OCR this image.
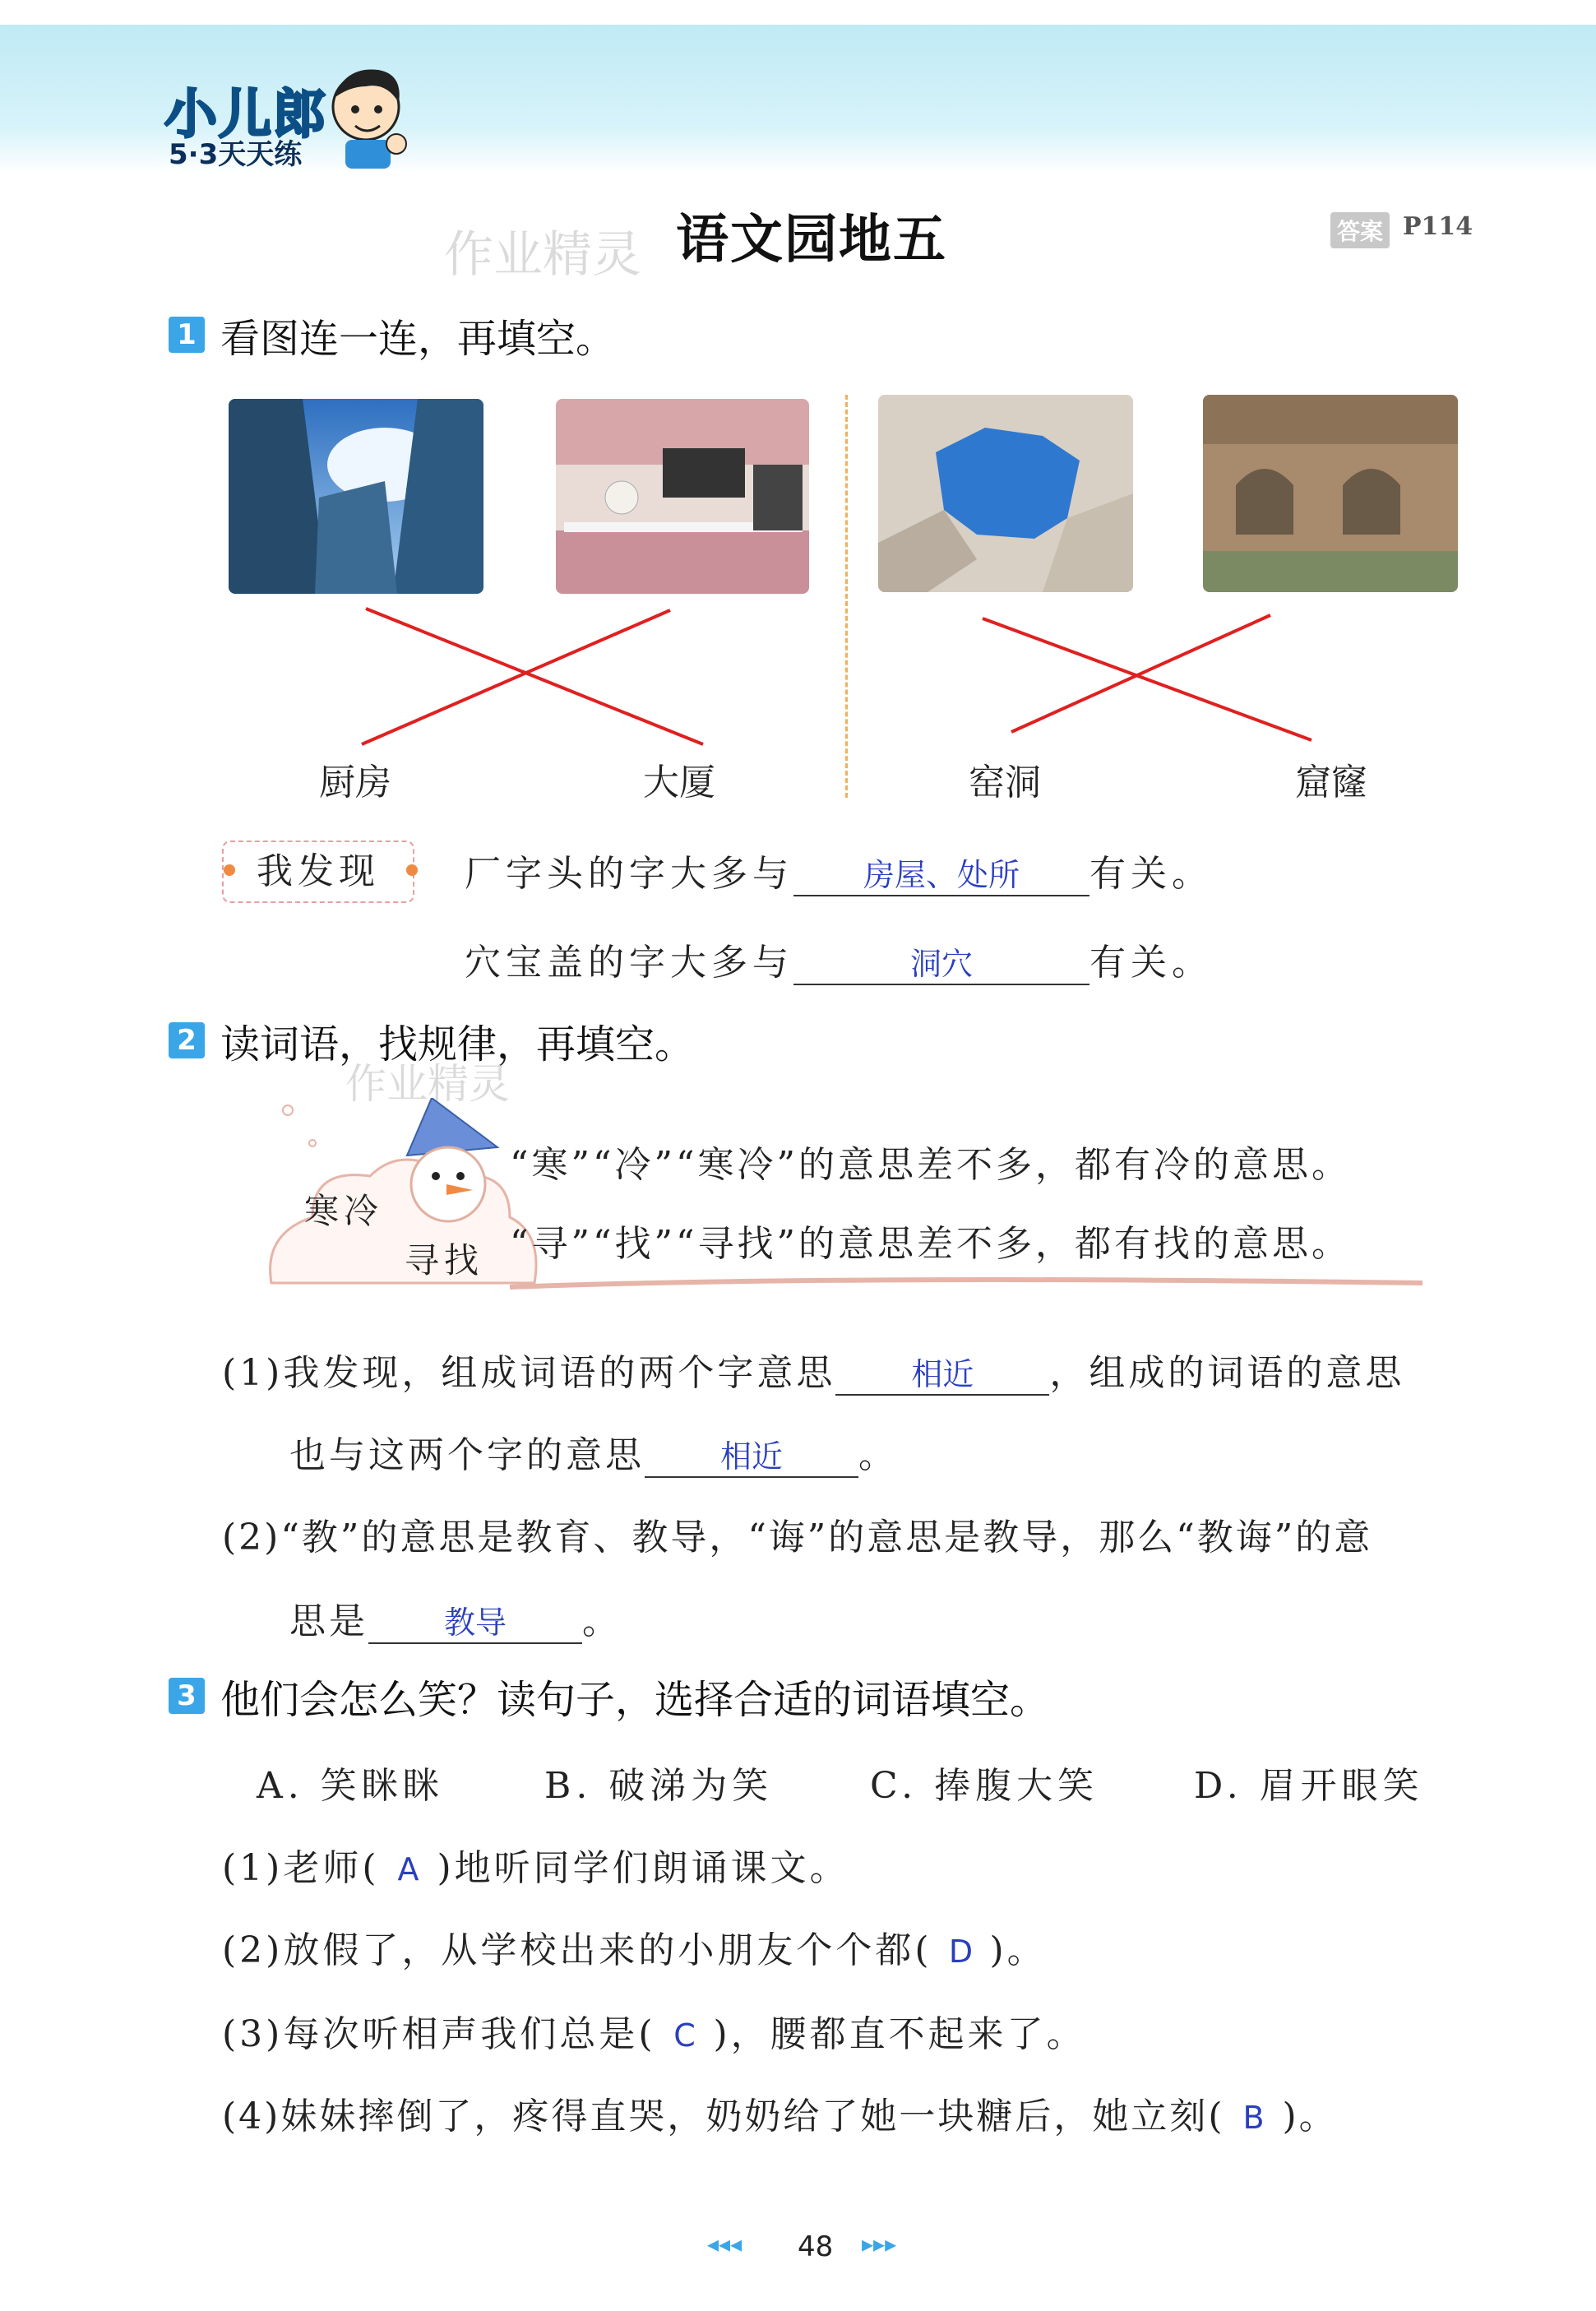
小儿郎
5·3天天练
作业精灵 语文园地五	答案 P114
1 看图连一连，再填空。
厨房	大厦	窑洞	窟窿
我发现	厂字头的字大多与 房屋、处所 有关。
穴宝盖的字大多与	洞穴	有关。
2 读词语，找规律，再填空。
作业精灵
寒冷
寻找
“寒”“冷”“寒冷”的意思差不多，都有冷的意思。
“寻”“找”“寻找”的意思差不多，都有找的意思。
(1)我发现，组成词语的两个字意思 相近 ，组成的词语的意思
也与这两个字的意思 相近 。
(2)“教”的意思是教育、教导，“诲”的意思是教导，那么“教诲”的意
思是 教导 。
3 他们会怎么笑？读句子，选择合适的词语填空。
A. 笑眯眯	B. 破涕为笑	C. 捧腹大笑	D. 眉开眼笑
(1)老师( A )地听同学们朗诵课文。
(2)放假了，从学校出来的小朋友个个都( D )。
(3)每次听相声我们总是( C )，腰都直不起来了。
(4)妹妹摔倒了，疼得直哭，奶奶给了她一块糖后，她立刻( B )。
◂◂◂ 48 ▸▸▸
